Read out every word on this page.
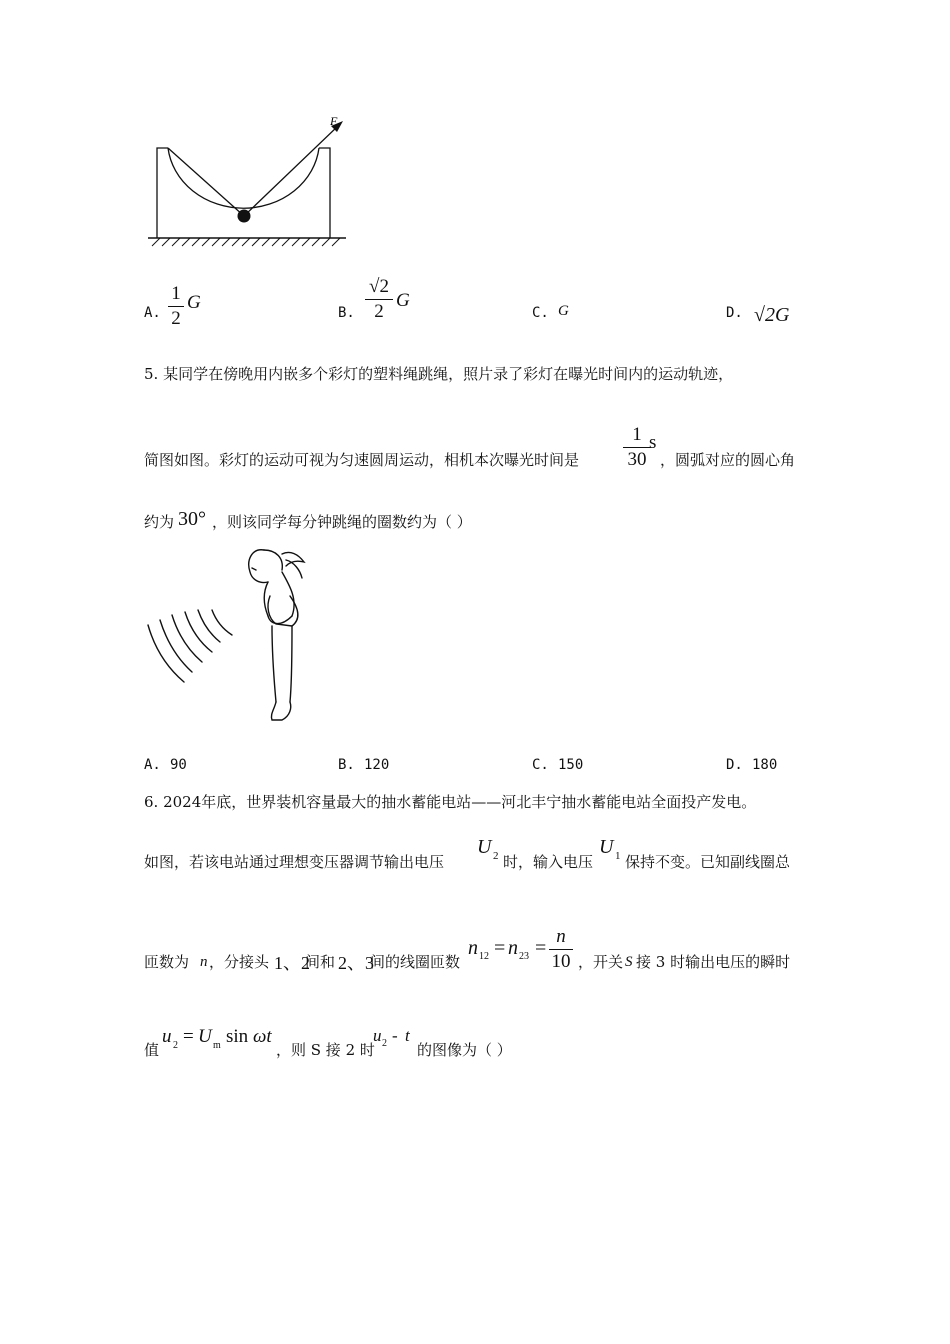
F
A.
1
2
G	B.
√2
2
G
C. G	D. √2G
5. 某同学在傍晚用内嵌多个彩灯的塑料绳跳绳，照片录了彩灯在曝光时间内的运动轨迹，
简图如图。彩灯的运动可视为匀速圆周运动，相机本次曝光时间是
1
30
s
，圆弧对应的圆心角
约为 30° ，则该同学每分钟跳绳的圈数约为（ ）
A. 90	B. 120	C. 150	D. 180
6. 2024年底，世界装机容量最大的抽水蓄能电站——河北丰宁抽水蓄能电站全面投产发电。
如图，若该电站通过理想变压器调节输出电压
U 2 时，输入电压
U 1 保持不变。已知副线圈总
匝数为 n ，分接头 1、2
间和 2、3
间的线圈匝数
n 12 = n 23 =
n
10 ，开关 S 接 3 时输出电压的瞬时
值
u 2 = U m sin ωt
，则 S 接 2 时
u 2 - t
的图像为（ ）
